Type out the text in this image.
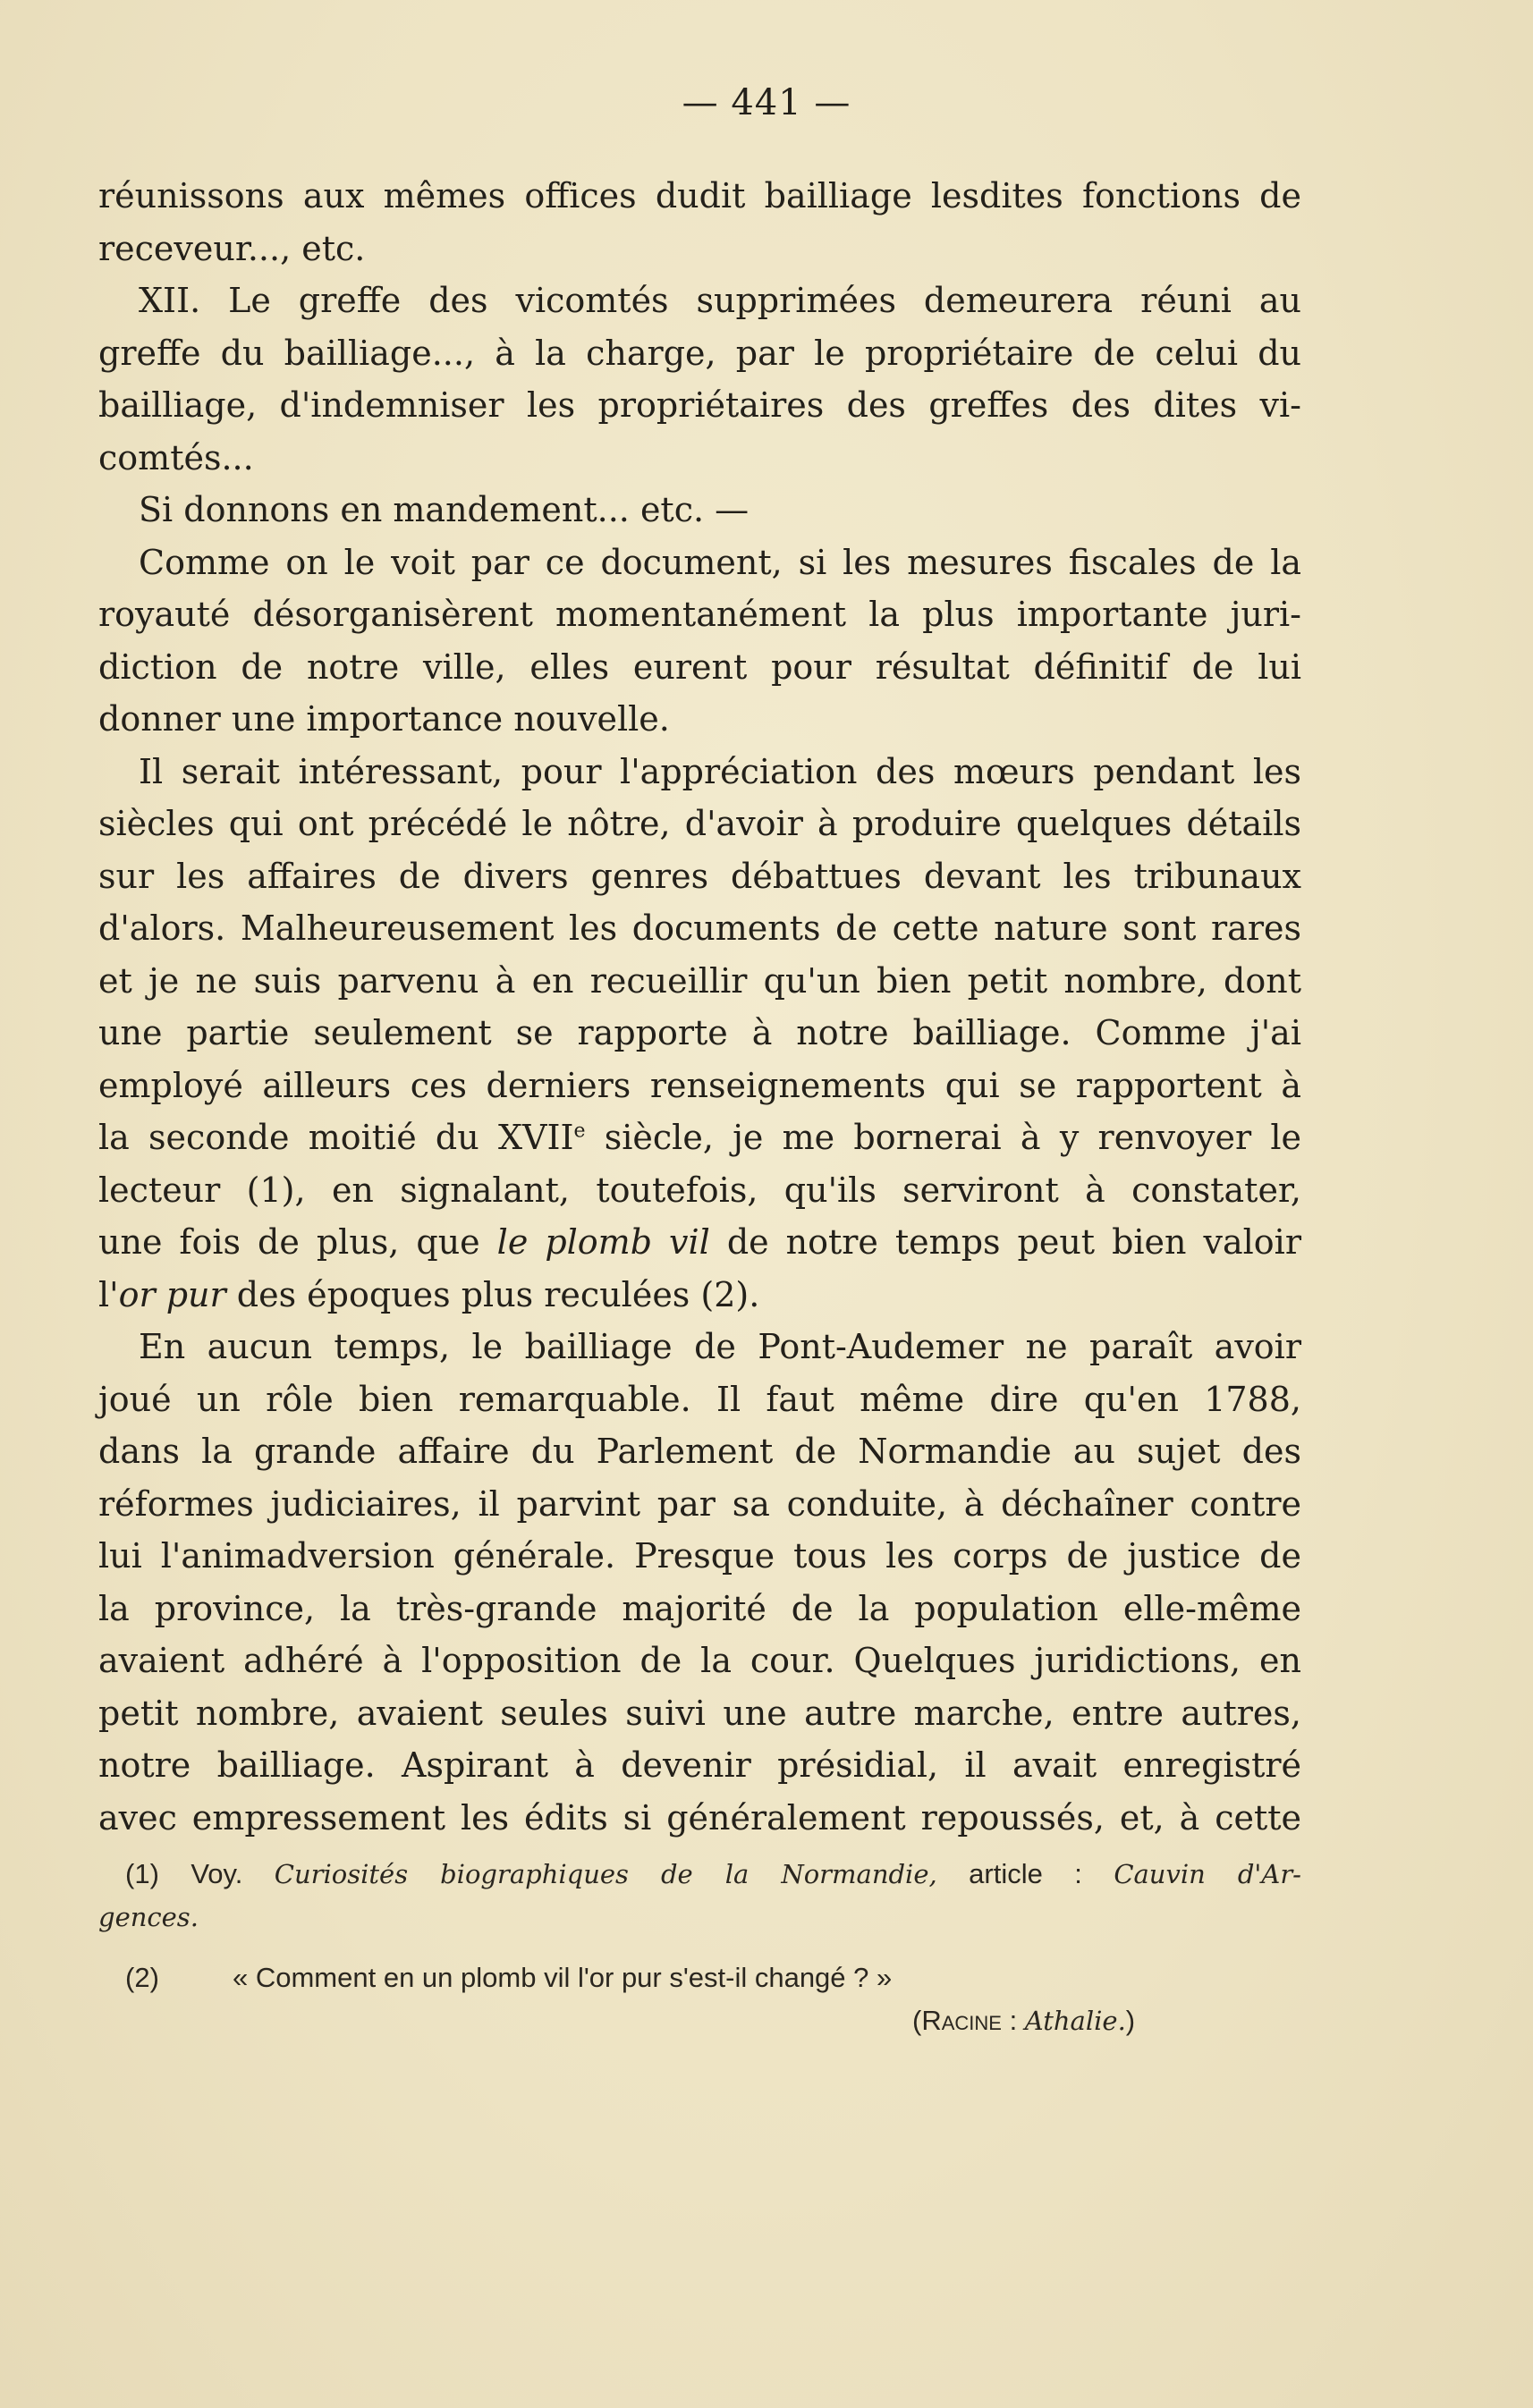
— 441 —
réunissons aux mêmes offices dudit bailliage lesdites fonctions de
receveur..., etc.
XII. Le greffe des vicomtés supprimées demeurera réuni au
greffe du bailliage..., à la charge, par le propriétaire de celui du
bailliage, d'indemniser les propriétaires des greffes des dites vi-
comtés...
Si donnons en mandement... etc. —
Comme on le voit par ce document, si les mesures fiscales de la
royauté désorganisèrent momentanément la plus importante juri-
diction de notre ville, elles eurent pour résultat définitif de lui
donner une importance nouvelle.
Il serait intéressant, pour l'appréciation des mœurs pendant les
siècles qui ont précédé le nôtre, d'avoir à produire quelques détails
sur les affaires de divers genres débattues devant les tribunaux
d'alors. Malheureusement les documents de cette nature sont rares
et je ne suis parvenu à en recueillir qu'un bien petit nombre, dont
une partie seulement se rapporte à notre bailliage. Comme j'ai
employé ailleurs ces derniers renseignements qui se rapportent à
la seconde moitié du XVIIe siècle, je me bornerai à y renvoyer le
lecteur (1), en signalant, toutefois, qu'ils serviront à constater,
une fois de plus, que le plomb vil de notre temps peut bien valoir
l'or pur des époques plus reculées (2).
En aucun temps, le bailliage de Pont-Audemer ne paraît avoir
joué un rôle bien remarquable. Il faut même dire qu'en 1788,
dans la grande affaire du Parlement de Normandie au sujet des
réformes judiciaires, il parvint par sa conduite, à déchaîner contre
lui l'animadversion générale. Presque tous les corps de justice de
la province, la très-grande majorité de la population elle-même
avaient adhéré à l'opposition de la cour. Quelques juridictions, en
petit nombre, avaient seules suivi une autre marche, entre autres,
notre bailliage. Aspirant à devenir présidial, il avait enregistré
avec empressement les édits si généralement repoussés, et, à cette
(1) Voy. Curiosités biographiques de la Normandie, article : Cauvin d'Ar-
gences.
(2)	« Comment en un plomb vil l'or pur s'est-il changé ? »
(Racine : Athalie.)
